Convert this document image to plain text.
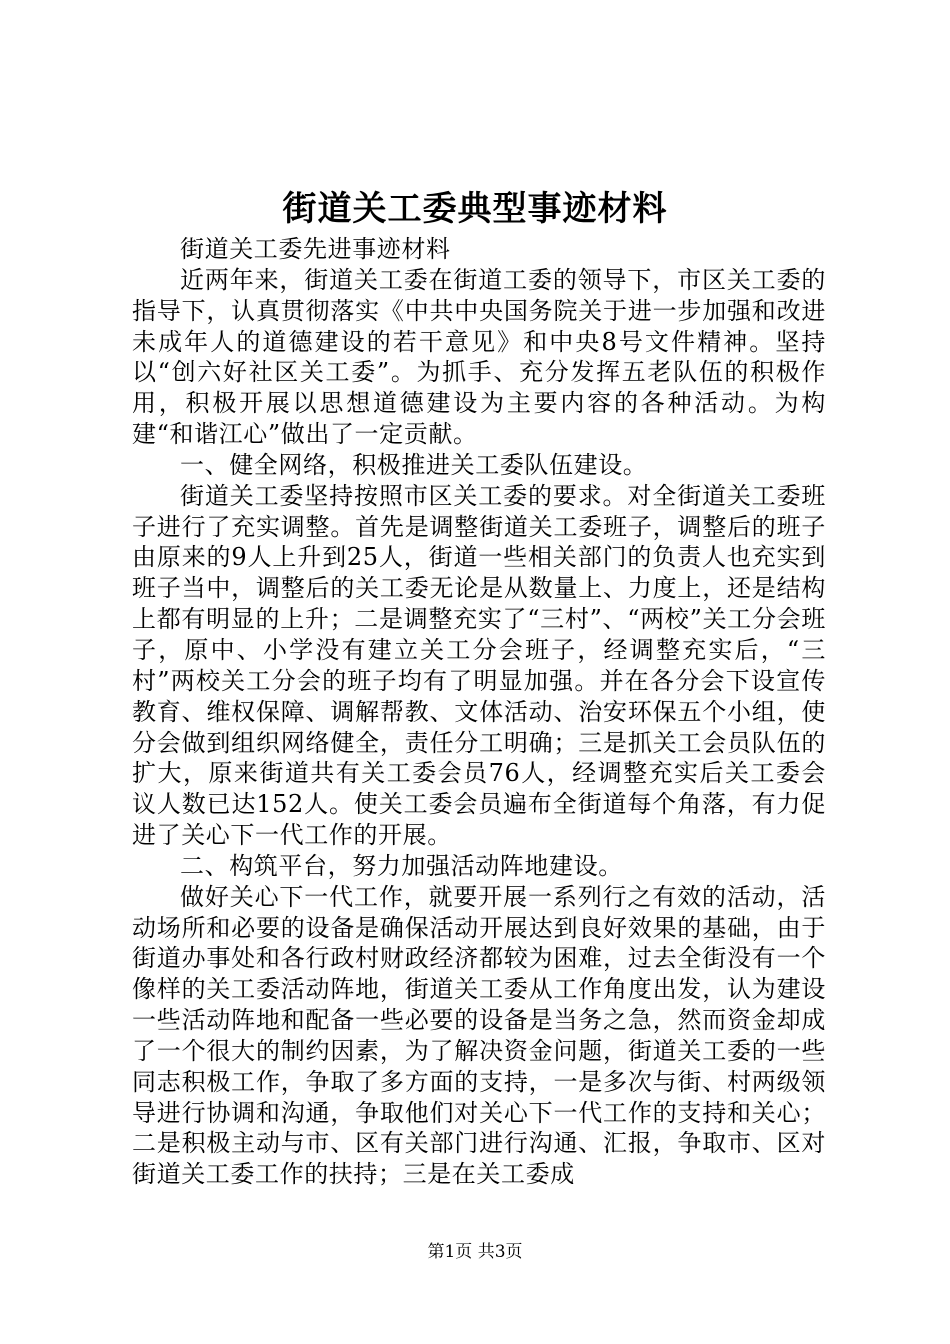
街道关工委典型事迹材料

街道关工委先进事迹材料

近两年来，街道关工委在街道工委的领导下，市区关工委的指导下，认真贯彻落实《中共中央国务院关于进一步加强和改进未成年人的道德建设的若干意见》和中央8号文件精神。坚持以“创六好社区关工委”。为抓手、充分发挥五老队伍的积极作用，积极开展以思想道德建设为主要内容的各种活动。为构建“和谐江心”做出了一定贡献。

一、健全网络，积极推进关工委队伍建设。

街道关工委坚持按照市区关工委的要求。对全街道关工委班子进行了充实调整。首先是调整街道关工委班子，调整后的班子由原来的9人上升到25人，街道一些相关部门的负责人也充实到班子当中，调整后的关工委无论是从数量上、力度上，还是结构上都有明显的上升；二是调整充实了“三村”、“两校”关工分会班子，原中、小学没有建立关工分会班子，经调整充实后，“三村”两校关工分会的班子均有了明显加强。并在各分会下设宣传教育、维权保障、调解帮教、文体活动、治安环保五个小组，使分会做到组织网络健全，责任分工明确；三是抓关工会员队伍的扩大，原来街道共有关工委会员76人，经调整充实后关工委会议人数已达152人。使关工委会员遍布全街道每个角落，有力促进了关心下一代工作的开展。

二、构筑平台，努力加强活动阵地建设。

做好关心下一代工作，就要开展一系列行之有效的活动，活动场所和必要的设备是确保活动开展达到良好效果的基础，由于街道办事处和各行政村财政经济都较为困难，过去全街没有一个像样的关工委活动阵地，街道关工委从工作角度出发，认为建设一些活动阵地和配备一些必要的设备是当务之急，然而资金却成了一个很大的制约因素，为了解决资金问题，街道关工委的一些同志积极工作，争取了多方面的支持，一是多次与街、村两级领导进行协调和沟通，争取他们对关心下一代工作的支持和关心；二是积极主动与市、区有关部门进行沟通、汇报，争取市、区对街道关工委工作的扶持；三是在关工委成

第1页 共3页
